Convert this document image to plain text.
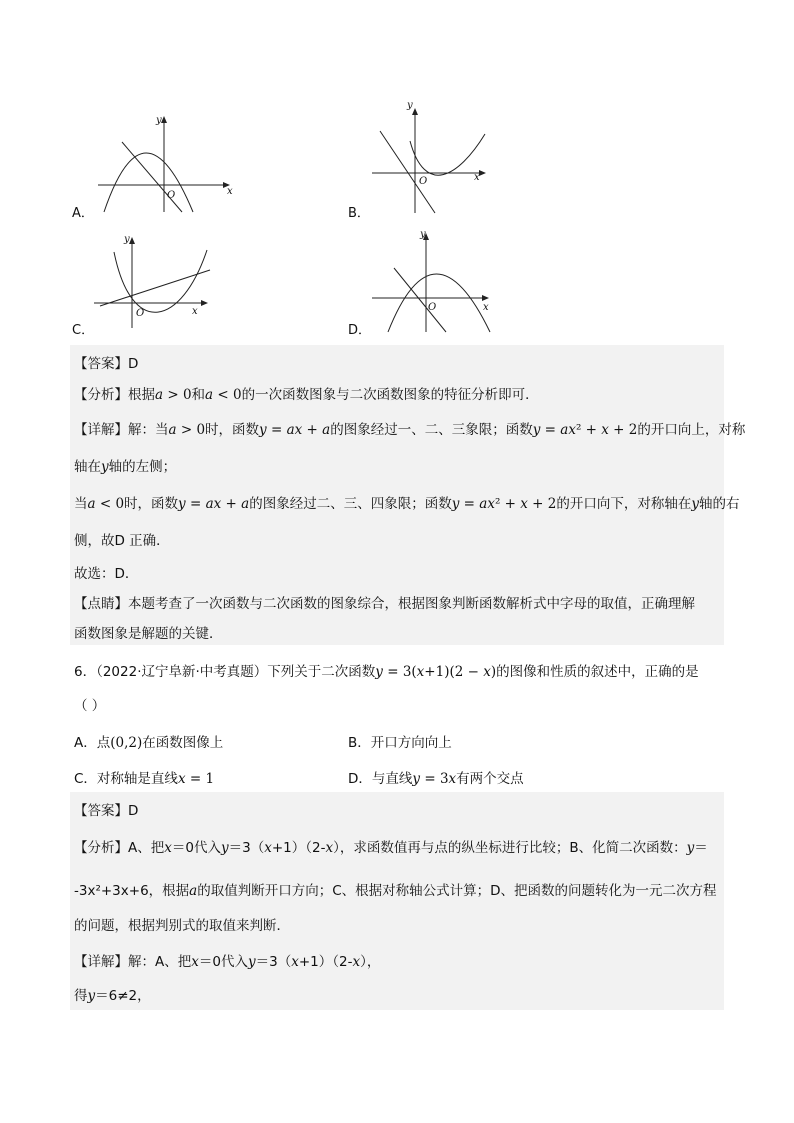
x
y
O
A．
x
y
O
B．
x
y
O
C．
x
y
O
D．
【答案】D
【分析】根据a > 0和a < 0的一次函数图象与二次函数图象的特征分析即可．
【详解】解：当a > 0时，函数y = ax + a的图象经过一、二、三象限；函数y = ax² + x + 2的开口向上，对称
轴在y轴的左侧；
当a < 0时，函数y = ax + a的图象经过二、三、四象限；函数y = ax² + x + 2的开口向下，对称轴在y轴的右
侧，故D 正确．
故选：D．
【点睛】本题考查了一次函数与二次函数的图象综合，根据图象判断函数解析式中字母的取值，正确理解
函数图象是解题的关键．
6．（2022·辽宁阜新·中考真题）下列关于二次函数y = 3(x+1)(2 − x)的图像和性质的叙述中，正确的是
（ ）
A．点(0,2)在函数图像上	B．开口方向向上
C．对称轴是直线x = 1	D．与直线y = 3x有两个交点
【答案】D
【分析】A、把x＝0代入y＝3（x+1）（2-x），求函数值再与点的纵坐标进行比较；B、化简二次函数：y＝
-3x²+3x+6，根据a的取值判断开口方向；C、根据对称轴公式计算；D、把函数的问题转化为一元二次方程
的问题，根据判别式的取值来判断．
【详解】解：A、把x＝0代入y＝3（x+1）（2-x），
得y＝6≠2，
